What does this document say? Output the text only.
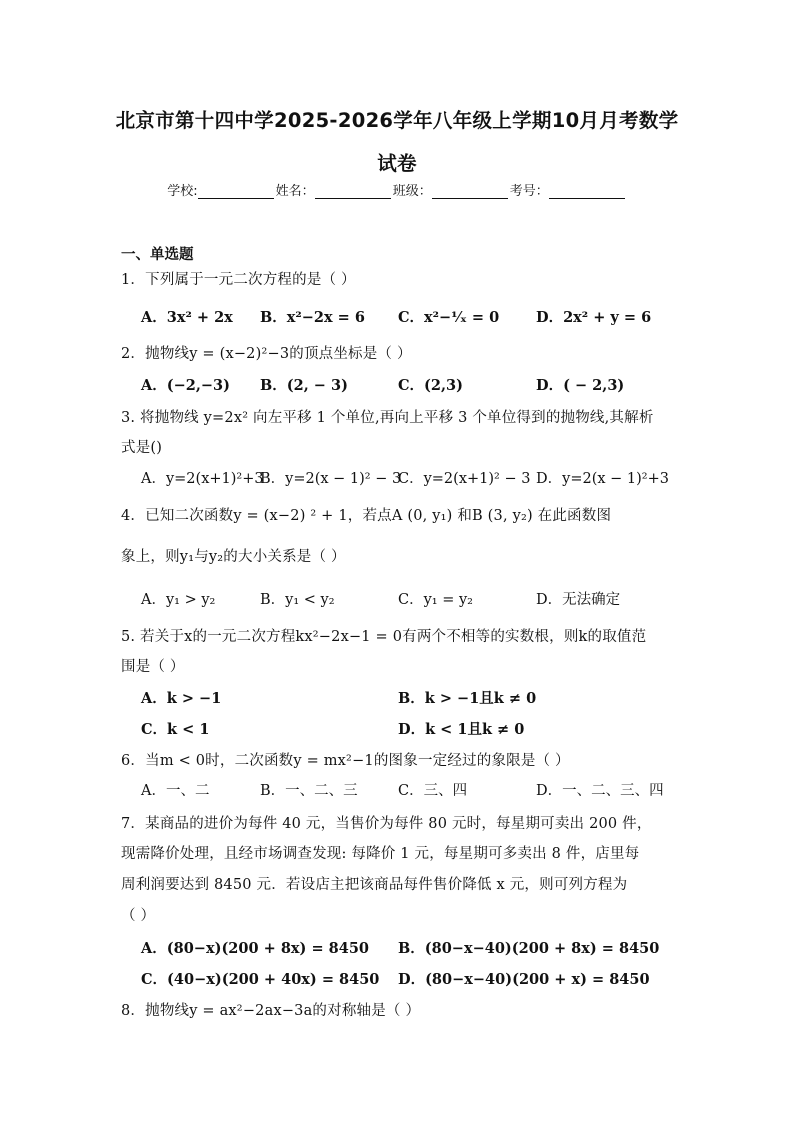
北京市第十四中学2025-2026学年八年级上学期10月月考数学
试卷
学校:	姓名：	班级：	考号：
一、单选题
1．下列属于一元二次方程的是（ ）
A．3x² + 2x B．x²−2x = 6 C．x²−¹⁄ₓ = 0	D．2x² + y = 6
2．抛物线y = (x−2)²−3的顶点坐标是（ ）
A．(−2,−3) B．(2, − 3)	C．(2,3)	D．( − 2,3)
3. 将抛物线 y=2x² 向左平移 1 个单位,再向上平移 3 个单位得到的抛物线,其解析
式是()
A．y=2(x+1)²+3
B．y=2(x − 1)² − 3
C．y=2(x+1)² − 3 D．y=2(x − 1)²+3
4．已知二次函数y = (x−2) ² + 1，若点A (0, y₁) 和B (3, y₂) 在此函数图
象上，则y₁与y₂的大小关系是（ ）
A．y₁ > y₂	B．y₁ < y₂	C．y₁ = y₂	D．无法确定
5. 若关于x的一元二次方程kx²−2x−1 = 0有两个不相等的实数根，则k的取值范
围是（ ）
A．k > −1	B．k > −1且k ≠ 0
C．k < 1	D．k < 1且k ≠ 0
6．当m < 0时，二次函数y = mx²−1的图象一定经过的象限是（ ）
A．一、二	B．一、二、三	C．三、四	D．一、二、三、四
7．某商品的进价为每件 40 元，当售价为每件 80 元时，每星期可卖出 200 件，
现需降价处理，且经市场调查发现: 每降价 1 元，每星期可多卖出 8 件，店里每
周利润要达到 8450 元．若设店主把该商品每件售价降低 x 元，则可列方程为
（ ）
A．(80−x)(200 + 8x) = 8450 B．(80−x−40)(200 + 8x) = 8450
C．(40−x)(200 + 40x) = 8450 D．(80−x−40)(200 + x) = 8450
8．抛物线y = ax²−2ax−3a的对称轴是（ ）
